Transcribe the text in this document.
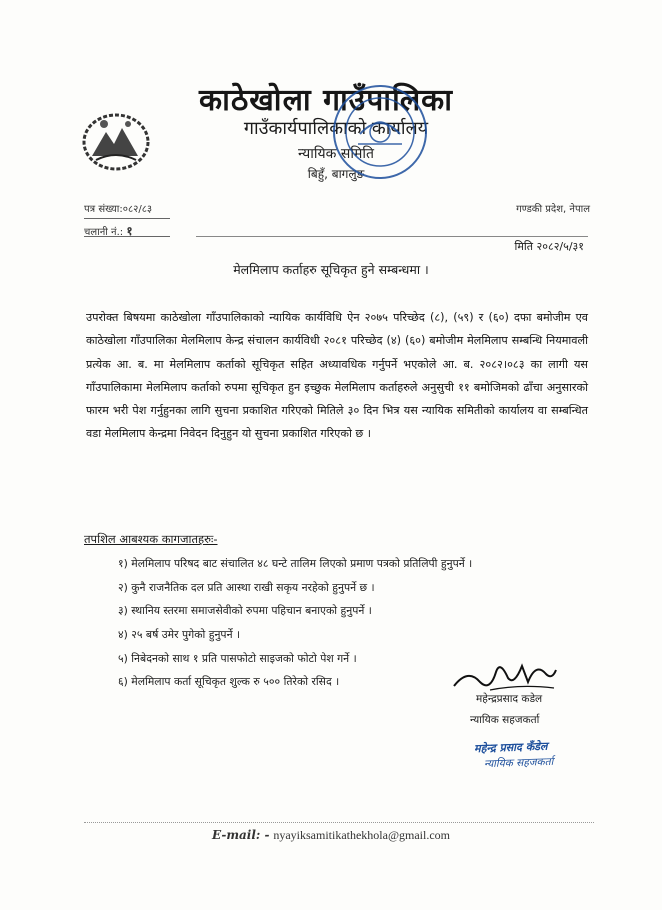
काठेखोला गाउँपालिका
गाउँकार्यपालिकाको कार्यालय
न्यायिक समिति
बिहुँ, बागलुङ
पत्र संख्या:०८२/८३
चलानी नं.: १
गण्डकी प्रदेश, नेपाल
मिति २०८२/५/३१
मेलमिलाप कर्ताहरु सूचिकृत हुने सम्बन्धमा ।
उपरोक्त बिषयमा काठेखोला गाँउपालिकाको न्यायिक कार्यविधि ऐन २०७५ परिच्छेद (८), (५९) र (६०) दफा बमोजीम एव काठेखोला गाँउपालिका मेलमिलाप केन्द्र संचालन कार्यविधी २०८१ परिच्छेद (४) (६०) बमोजीम मेलमिलाप सम्बन्धि नियमावली प्रत्येक आ. ब. मा मेलमिलाप कर्ताको सूचिकृत सहित अध्यावधिक गर्नुपर्ने भएकोले आ. ब. २०८२।०८३ का लागी यस गाँउपालिकामा मेलमिलाप कर्ताको रुपमा सूचिकृत हुन इच्छुक मेलमिलाप कर्ताहरुले अनुसुची ११ बमोजिमको ढाँचा अनुसारको फारम भरी पेश गर्नुहुनका लागि सुचना प्रकाशित गरिएको मितिले ३० दिन भित्र यस न्यायिक समितीको कार्यालय वा सम्बन्धित वडा मेलमिलाप केन्द्रमा निवेदन दिनुहुन यो सुचना प्रकाशित गरिएको छ ।
तपशिल आबश्यक कागजातहरुः-
१) मेलमिलाप परिषद बाट संचालित ४८ घन्टे तालिम लिएको प्रमाण पत्रको प्रतिलिपी हुनुपर्ने ।
२) कुनै राजनैतिक दल प्रति आस्था राखी सकृय नरहेको हुनुपर्ने छ ।
३) स्थानिय स्तरमा समाजसेवीको रुपमा पहिचान बनाएको हुनुपर्ने ।
४) २५ बर्ष उमेर पुगेको हुनुपर्ने ।
५) निबेदनको साथ १ प्रति पासफोटो साइजको फोटो पेश गर्ने ।
६) मेलमिलाप कर्ता सूचिकृत शुल्क रु ५०० तिरेको रसिद ।
महेन्द्रप्रसाद कडेल
न्यायिक सहजकर्ता
महेन्द्र प्रसाद कँडेल
न्यायिक सहजकर्ता
E-mail: - nyayiksamitikathekhola@gmail.com
